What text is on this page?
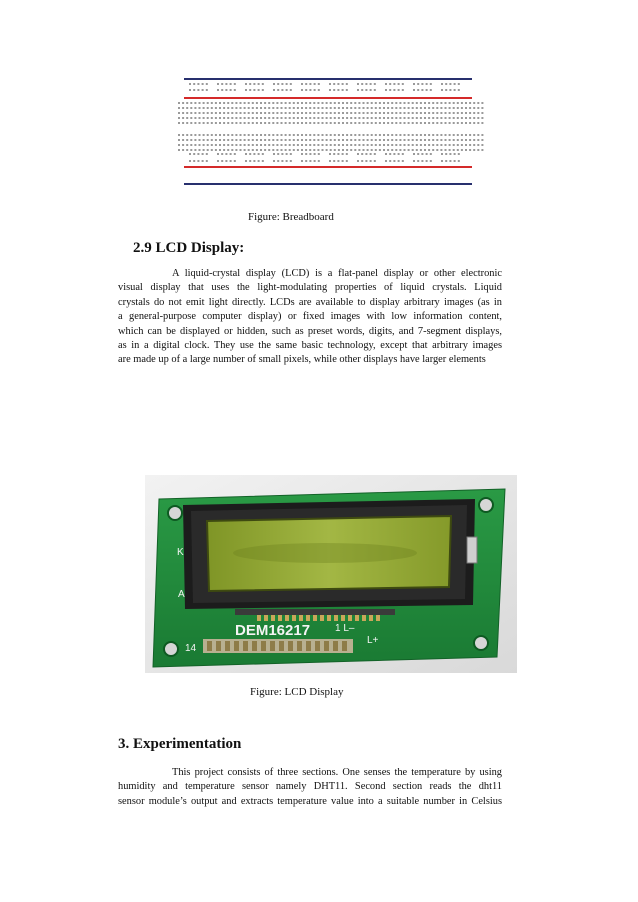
Figure: Breadboard
2.9 LCD Display:
A liquid-crystal display (LCD) is a flat-panel display or other electronic
visual display that uses the light-modulating properties of liquid crystals. Liquid
crystals do not emit light directly. LCDs are available to display arbitrary images (as in
a general-purpose computer display) or fixed images with low information content,
which can be displayed or hidden, such as preset words, digits, and 7-segment displays,
as in a digital clock. They use the same basic technology, except that arbitrary images
are made up of a large number of small pixels, while other displays have larger elements
DEM16217
14
1 L–
L+
K
A
Figure: LCD Display
3. Experimentation
This project consists of three sections. One senses the temperature by using
humidity and temperature sensor namely DHT11. Second section reads the dht11
sensor module’s output and extracts temperature value into a suitable number in Celsius
